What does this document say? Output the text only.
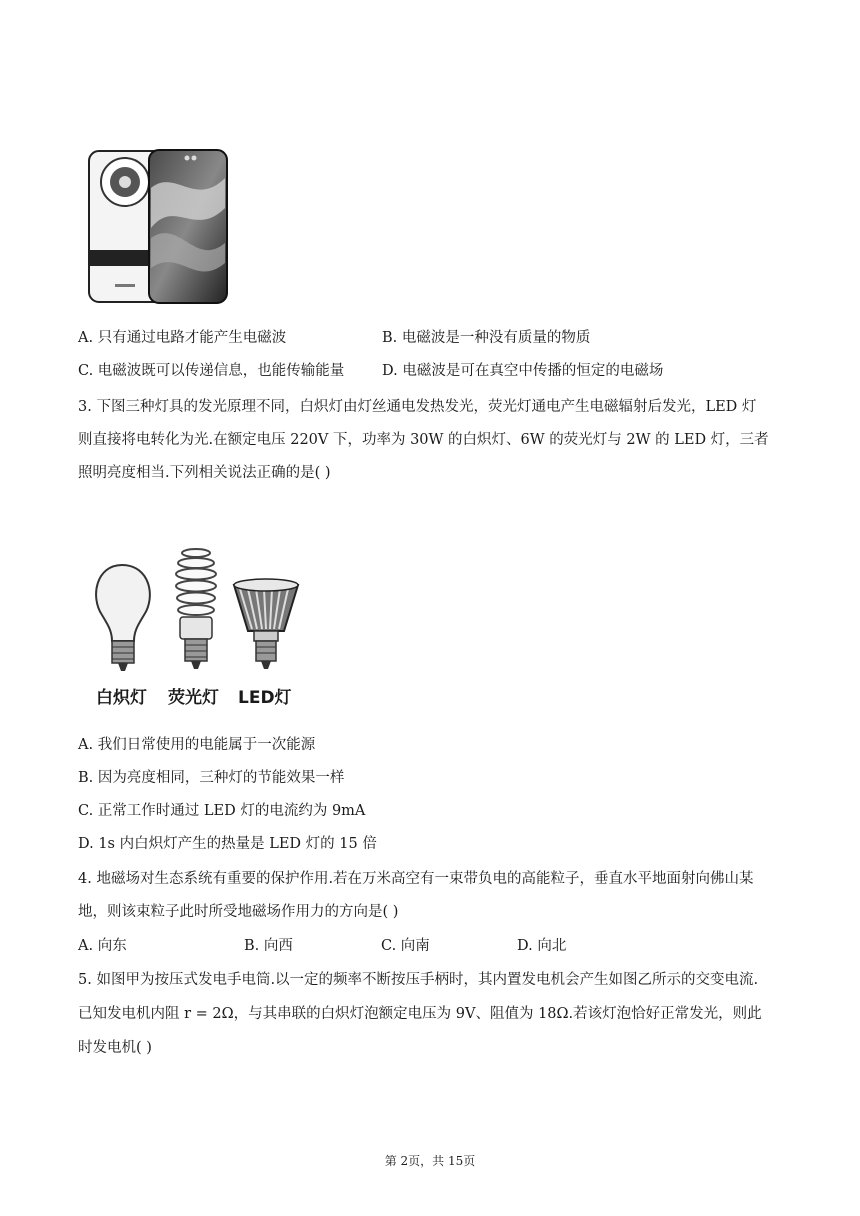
A. 只有通过电路才能产生电磁波	B. 电磁波是一种没有质量的物质
C. 电磁波既可以传递信息，也能传输能量	D. 电磁波是可在真空中传播的恒定的电磁场
3. 下图三种灯具的发光原理不同，白炽灯由灯丝通电发热发光，荧光灯通电产生电磁辐射后发光，LED 灯
则直接将电转化为光.在额定电压 220V 下，功率为 30W 的白炽灯、6W 的荧光灯与 2W 的 LED 灯，三者
照明亮度相当.下列相关说法正确的是( )
白炽灯 荧光灯 LED灯
A. 我们日常使用的电能属于一次能源
B. 因为亮度相同，三种灯的节能效果一样
C. 正常工作时通过 LED 灯的电流约为 9mA
D. 1s 内白炽灯产生的热量是 LED 灯的 15 倍
4. 地磁场对生态系统有重要的保护作用.若在万米高空有一束带负电的高能粒子，垂直水平地面射向佛山某
地，则该束粒子此时所受地磁场作用力的方向是( )
A. 向东	B. 向西	C. 向南	D. 向北
5. 如图甲为按压式发电手电筒.以一定的频率不断按压手柄时，其内置发电机会产生如图乙所示的交变电流.
已知发电机内阻 r = 2Ω，与其串联的白炽灯泡额定电压为 9V、阻值为 18Ω.若该灯泡恰好正常发光，则此
时发电机( )
第 2页，共 15页
